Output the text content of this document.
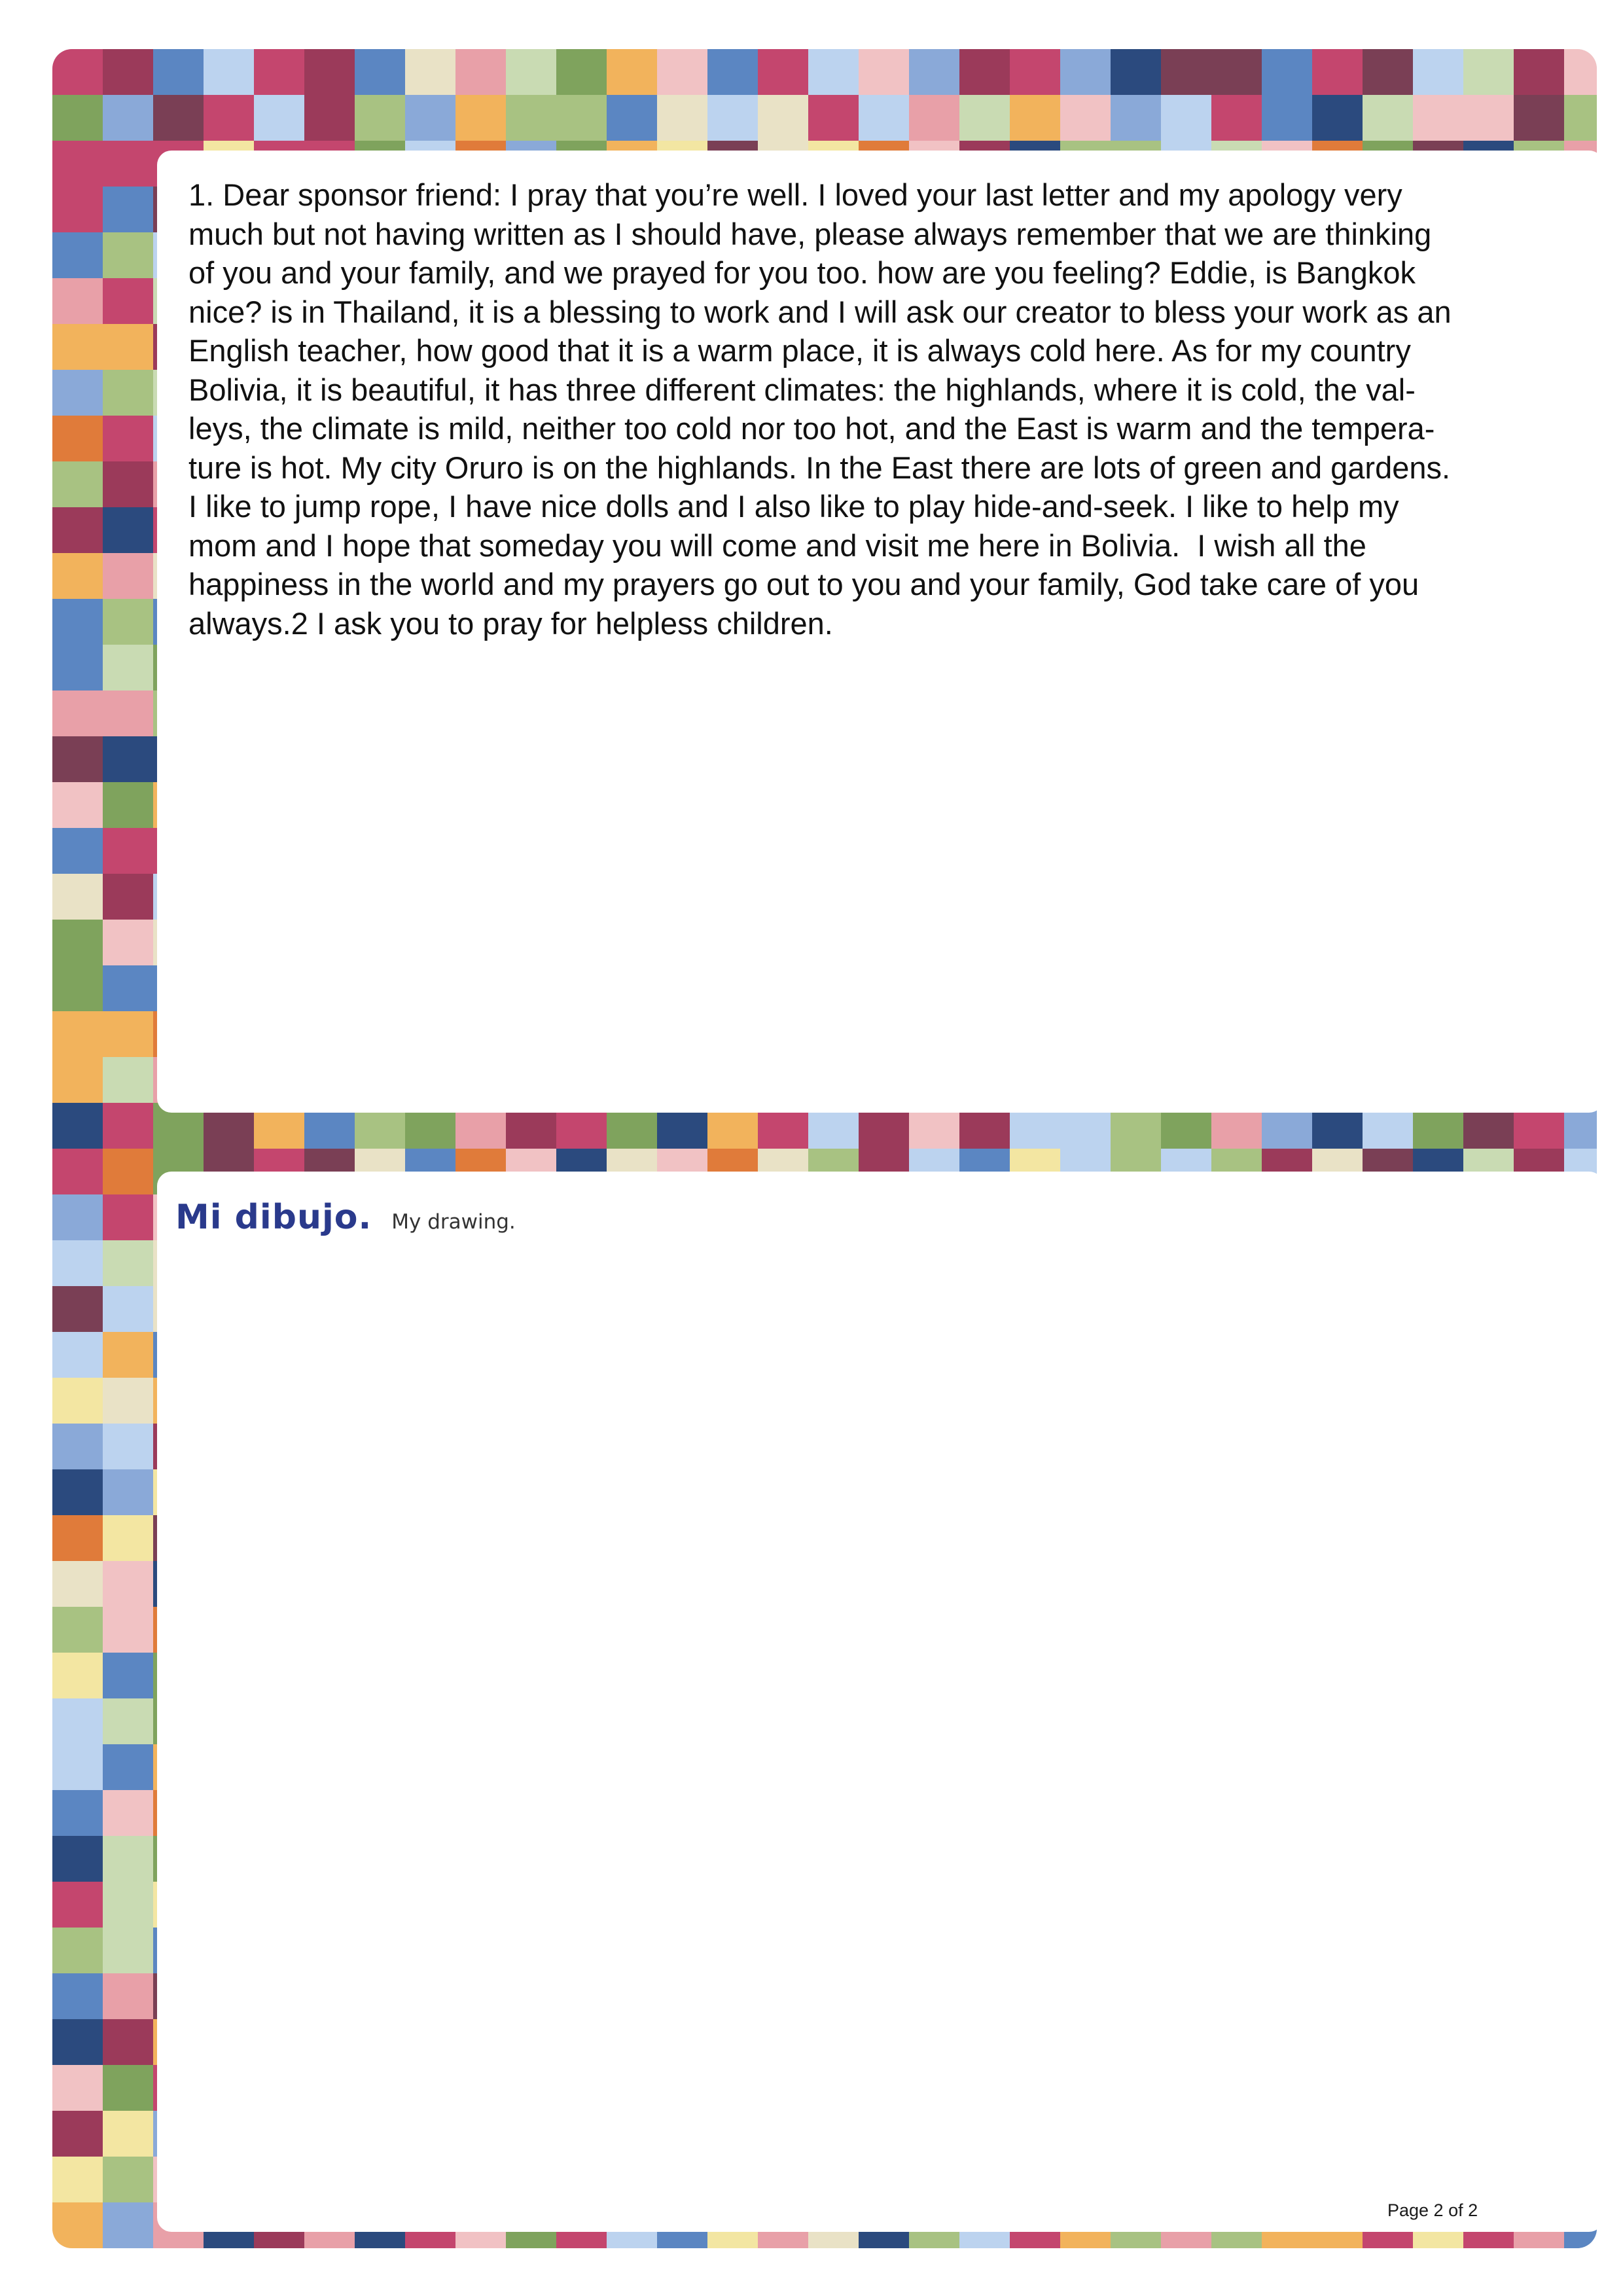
1. Dear sponsor friend: I pray that you’re well. I loved your last letter and my apology very
much but not having written as I should have, please always remember that we are thinking
of you and your family, and we prayed for you too. how are you feeling? Eddie, is Bangkok
nice? is in Thailand, it is a blessing to work and I will ask our creator to bless your work as an
English teacher, how good that it is a warm place, it is always cold here. As for my country
Bolivia, it is beautiful, it has three different climates: the highlands, where it is cold, the val-
leys, the climate is mild, neither too cold nor too hot, and the East is warm and the tempera-
ture is hot. My city Oruro is on the highlands. In the East there are lots of green and gardens.
I like to jump rope, I have nice dolls and I also like to play hide-and-seek. I like to help my
mom and I hope that someday you will come and visit me here in Bolivia.  I wish all the
happiness in the world and my prayers go out to you and your family, God take care of you
always.2 I ask you to pray for helpless children.

Mi dibujo. My drawing.
Page 2 of 2
